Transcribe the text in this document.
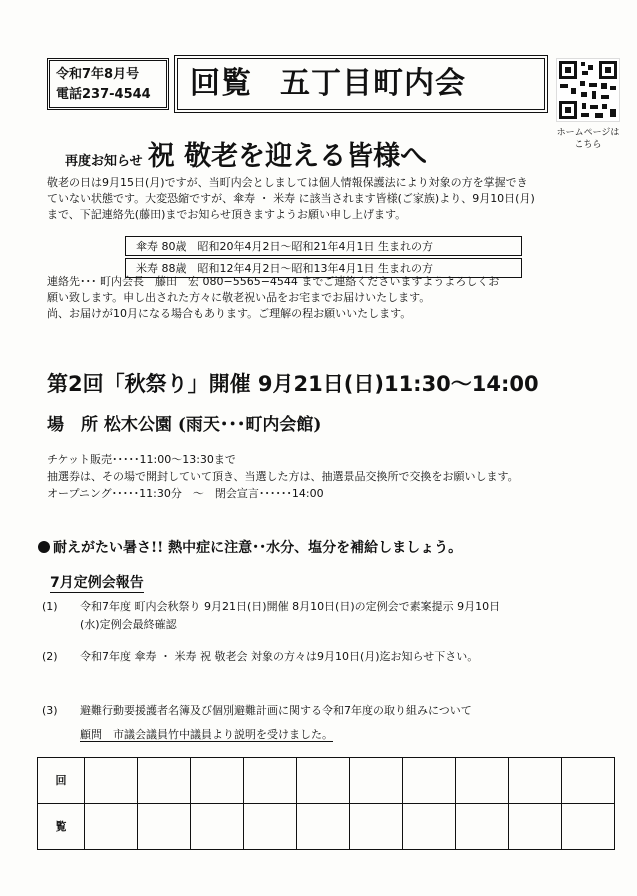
令和7年8月号
電話237-4544	回覧 五丁目町内会
ホームページは
こちら
再度お知らせ 祝 敬老を迎える皆様へ
敬老の日は9月15日(月)ですが、当町内会としましては個人情報保護法により対象の方を掌握でき
ていない状態です。大変恐縮ですが、傘寿 ・ 米寿 に該当されます皆様(ご家族)より、9月10日(月)
まで、下記連絡先(藤田)までお知らせ頂きますようお願い申し上げます。
傘寿 80歳　昭和20年4月2日〜昭和21年4月1日 生まれの方
米寿 88歳　昭和12年4月2日〜昭和13年4月1日 生まれの方
連絡先･･･ 町内会長　藤田　宏 080−5565−4544 までご連絡くださいますようよろしくお
願い致します。申し出された方々に敬老祝い品をお宅までお届けいたします。
尚、お届けが10月になる場合もあります。ご理解の程お願いいたします。
第2回「秋祭り」開催 9月21日(日)11:30〜14:00
場　所 松木公園 (雨天･･･町内会館)
チケット販売･････11:00〜13:30まで
抽選券は、その場で開封していて頂き、当選した方は、抽選景品交換所で交換をお願いします。
オープニング･････11:30分　〜　閉会宣言･･････14:00
耐えがたい暑さ!! 熱中症に注意･･水分、塩分を補給しましょう。
7月定例会報告
(1) 令和7年度 町内会秋祭り 9月21日(日)開催 8月10日(日)の定例会で素案提示 9月10日
(水)定例会最終確認
(2) 令和7年度 傘寿 ・ 米寿 祝 敬老会 対象の方々は9月10日(月)迄お知らせ下さい。
(3) 避難行動要援護者名簿及び個別避難計画に関する令和7年度の取り組みについて
顧問　市議会議員竹中議員より説明を受けました。
回										
覧										
